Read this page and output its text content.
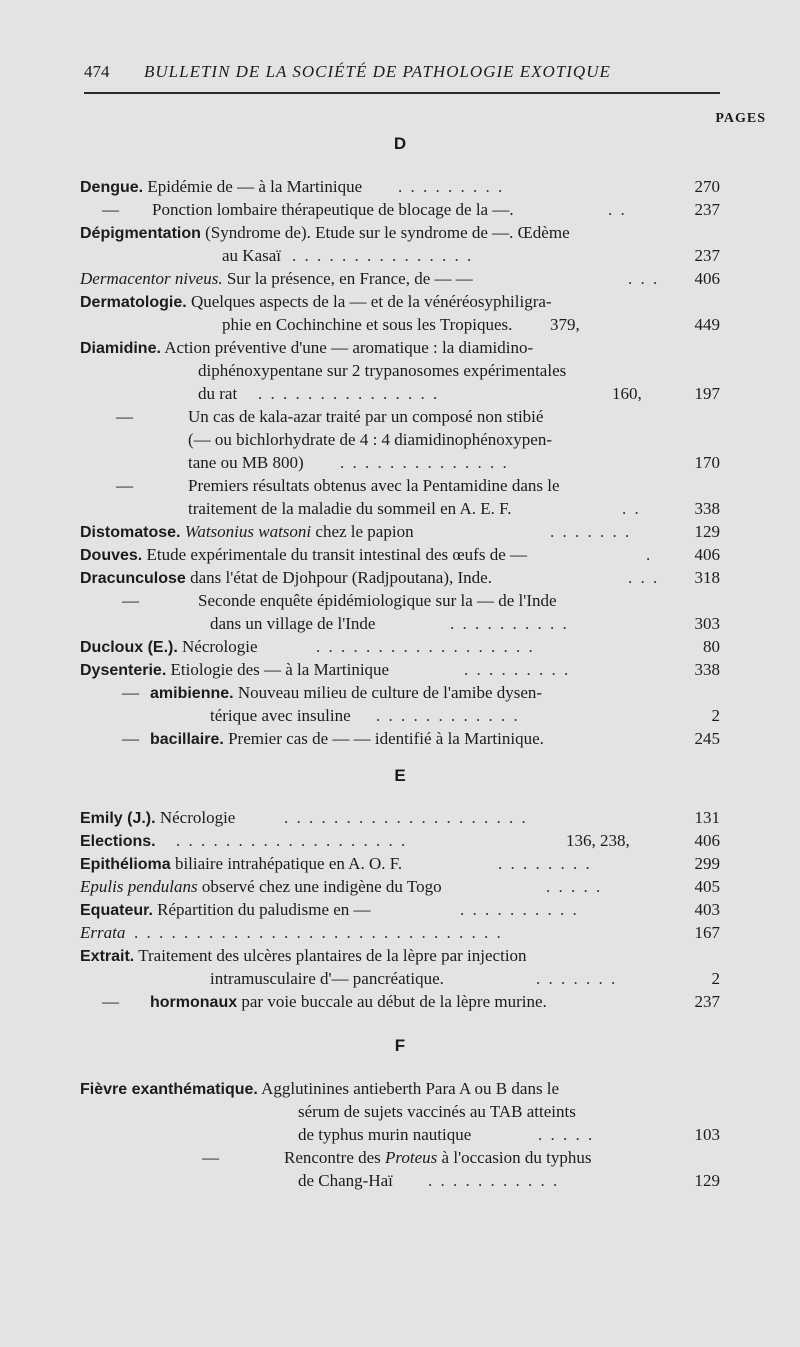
474 BULLETIN DE LA SOCIÉTÉ DE PATHOLOGIE EXOTIQUE
PAGES
D
Dengue. Epidémie de — à la Martinique . . . . . . . . .	270
— Ponction lombaire thérapeutique de blocage de la —.	. .	237
Dépigmentation (Syndrome de). Etude sur le syndrome de —. Œdème
au Kasaï . . . . . . . . . . . . . . .	237
Dermacentor niveus. Sur la présence, en France, de — —	. . . 406
Dermatologie. Quelques aspects de la — et de la vénéréosyphiligra-
phie en Cochinchine et sous les Tropiques. 379,	449
Diamidine. Action préventive d'une — aromatique : la diamidino-
diphénoxypentane sur 2 trypanosomes expérimentales
du rat . . . . . . . . . . . . . . .	160,	197
—	Un cas de kala-azar traité par un composé non stibié
(— ou bichlorhydrate de 4 : 4 diamidinophénoxypen-
tane ou MB 800) . . . . . . . . . . . . . .	170
—	Premiers résultats obtenus avec la Pentamidine dans le
traitement de la maladie du sommeil en A. E. F.	. .	338
Distomatose. Watsonius watsoni chez le papion	. . . . . . .	129
Douves. Etude expérimentale du transit intestinal des œufs de —	. 406
Dracunculose dans l'état de Djohpour (Radjpoutana), Inde.	. . . 318
—	Seconde enquête épidémiologique sur la — de l'Inde
dans un village de l'Inde	. . . . . . . . . .	303
Ducloux (E.). Nécrologie	. . . . . . . . . . . . . . . . . .	80
Dysenterie. Etiologie des — à la Martinique	. . . . . . . . .	338
— amibienne. Nouveau milieu de culture de l'amibe dysen-
térique avec insuline . . . . . . . . . . . .	2
— bacillaire. Premier cas de — — identifié à la Martinique.	245
E
Emily (J.). Nécrologie	. . . . . . . . . . . . . . . . . . . .	131
Elections. . . . . . . . . . . . . . . . . . . .	136, 238,	406
Epithélioma biliaire intrahépatique en A. O. F.	. . . . . . . .	299
Epulis pendulans observé chez une indigène du Togo	. . . . .	405
Equateur. Répartition du paludisme en —	. . . . . . . . . .	403
Errata . . . . . . . . . . . . . . . . . . . . . . . . . . . . . .	167
Extrait. Traitement des ulcères plantaires de la lèpre par injection
intramusculaire d'— pancréatique.	. . . . . . .	2
— hormonaux par voie buccale au début de la lèpre murine.	237
F
Fièvre exanthématique. Agglutinines antieberth Para A ou B dans le
sérum de sujets vaccinés au TAB atteints
de typhus murin nautique	. . . . .	103
—	Rencontre des Proteus à l'occasion du typhus
de Chang-Haï . . . . . . . . . . .	129
